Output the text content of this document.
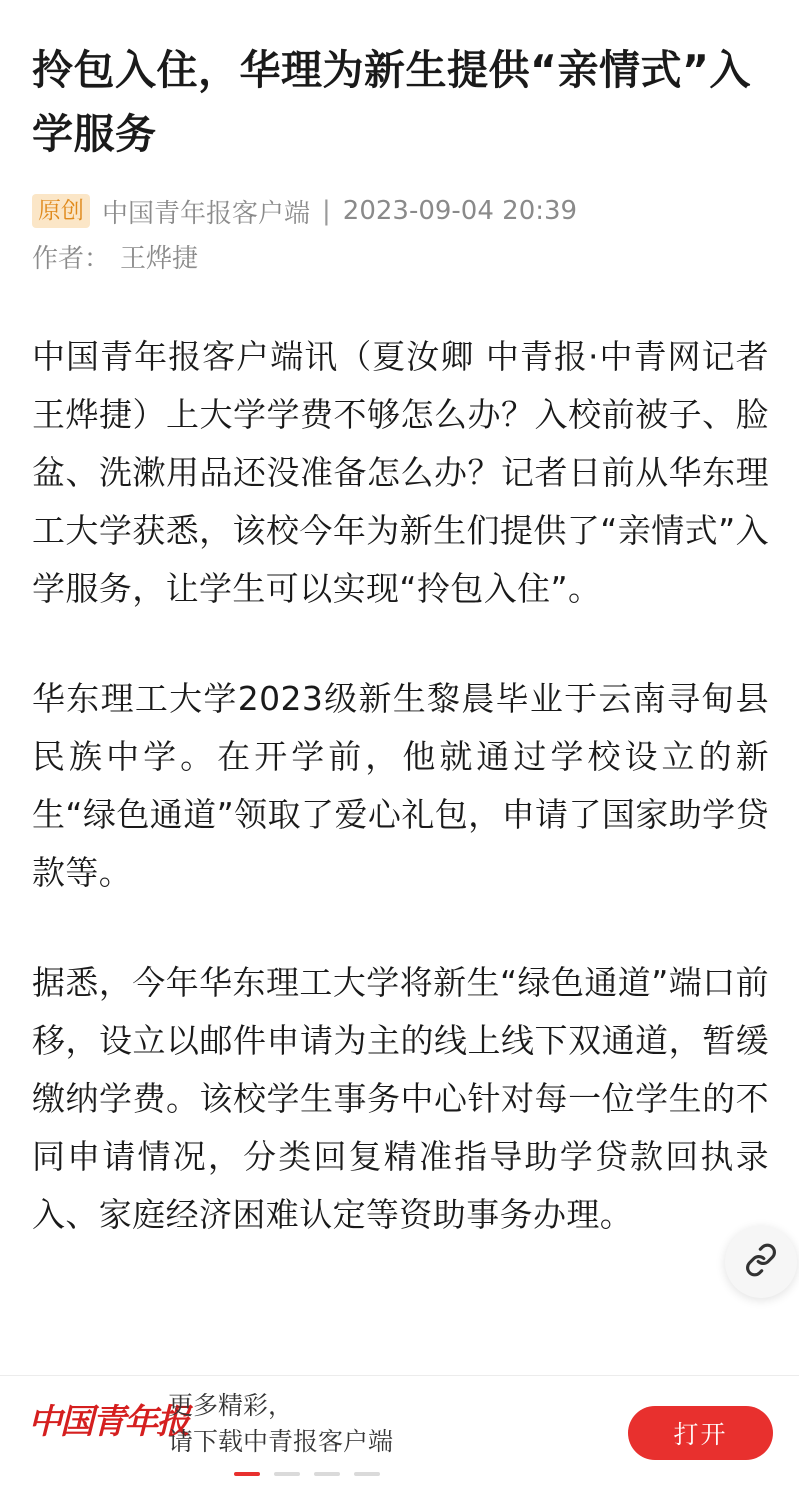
拎包入住，华理为新生提供“亲情式”入学服务
原创 中国青年报客户端 | 2023-09-04 20:39
作者： 王烨捷

中国青年报客户端讯（夏汝卿 中青报·中青网记者 王烨捷）上大学学费不够怎么办？入校前被子、脸盆、洗漱用品还没准备怎么办？记者日前从华东理工大学获悉，该校今年为新生们提供了“亲情式”入学服务，让学生可以实现“拎包入住”。

华东理工大学2023级新生黎晨毕业于云南寻甸县民族中学。在开学前，他就通过学校设立的新生“绿色通道”领取了爱心礼包，申请了国家助学贷款等。

据悉，今年华东理工大学将新生“绿色通道”端口前移，设立以邮件申请为主的线上线下双通道，暂缓缴纳学费。该校学生事务中心针对每一位学生的不同申请情况，分类回复精准指导助学贷款回执录入、家庭经济困难认定等资助事务办理。

中国青年报
更多精彩，
请下载中青报客户端	打开
